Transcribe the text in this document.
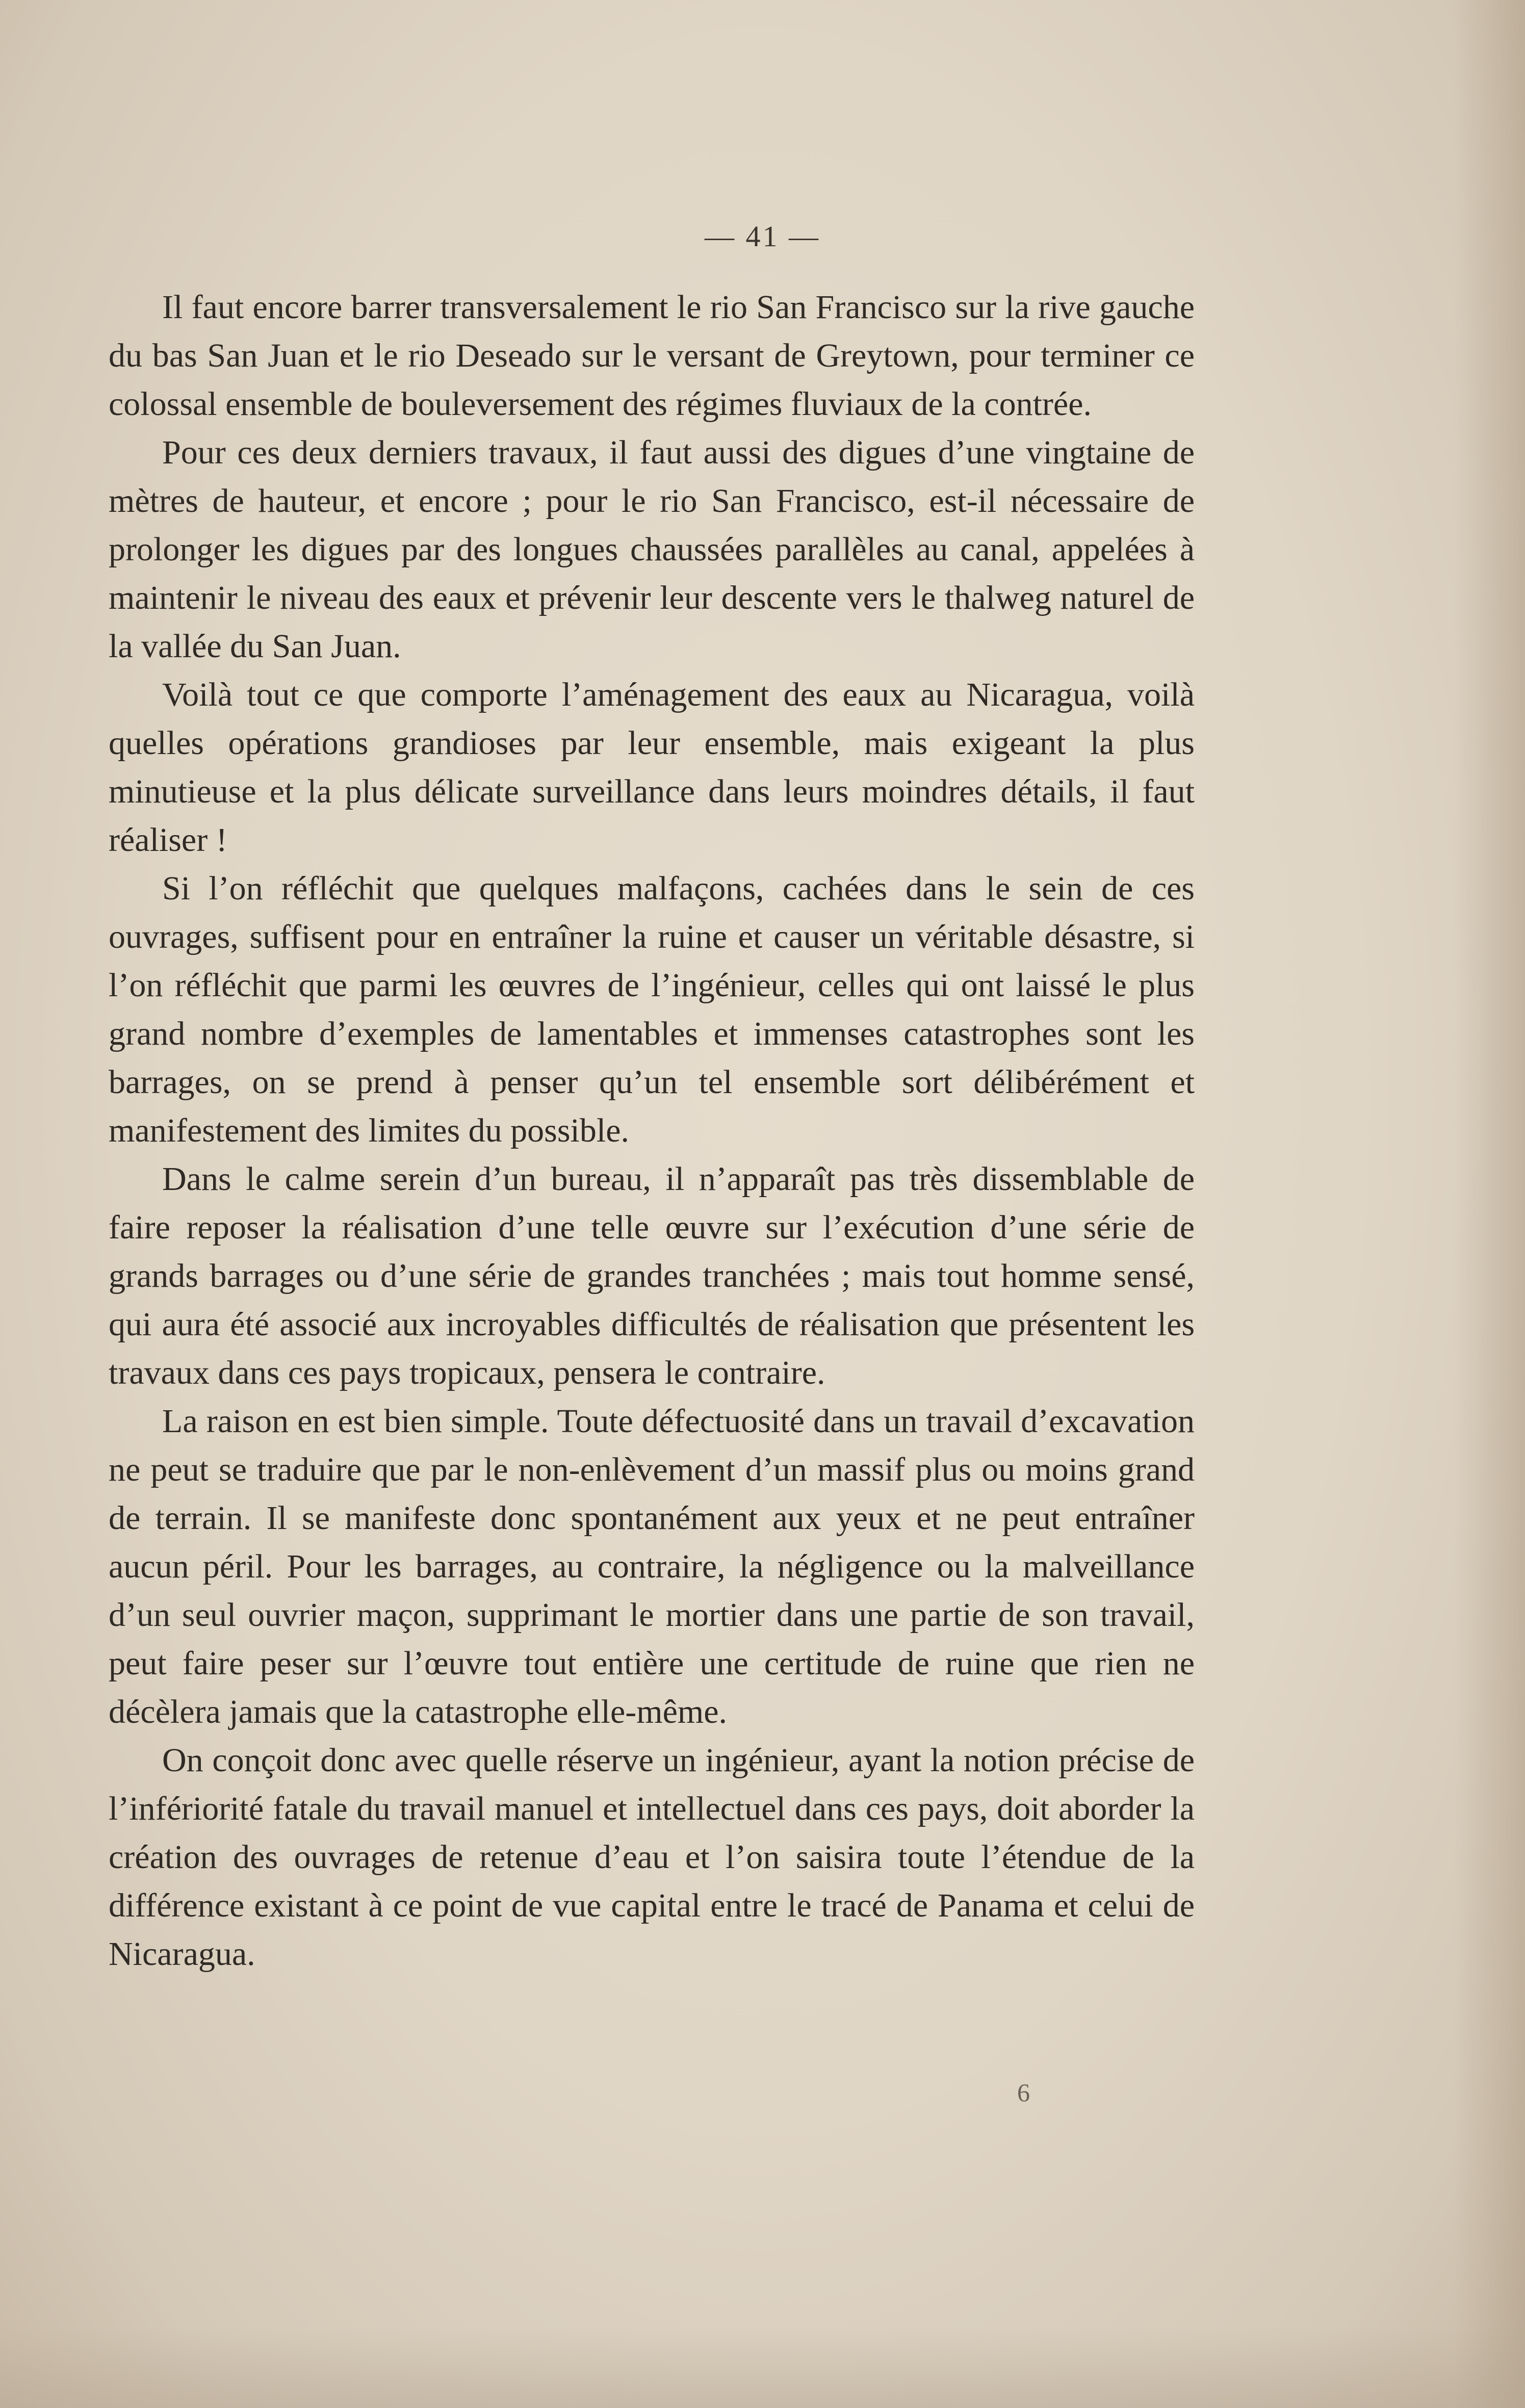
— 41 —

Il faut encore barrer transversalement le rio San Francisco sur la rive gauche du bas San Juan et le rio Deseado sur le versant de Greytown, pour terminer ce colossal ensemble de bouleversement des régimes fluviaux de la contrée.

Pour ces deux derniers travaux, il faut aussi des digues d’une vingtaine de mètres de hauteur, et encore ; pour le rio San Francisco, est-il nécessaire de prolonger les digues par des longues chaussées parallèles au canal, appelées à maintenir le niveau des eaux et prévenir leur descente vers le thalweg naturel de la vallée du San Juan.

Voilà tout ce que comporte l’aménagement des eaux au Nicaragua, voilà quelles opérations grandioses par leur ensemble, mais exigeant la plus minutieuse et la plus délicate surveillance dans leurs moindres détails, il faut réaliser !

Si l’on réfléchit que quelques malfaçons, cachées dans le sein de ces ouvrages, suffisent pour en entraîner la ruine et causer un véritable désastre, si l’on réfléchit que parmi les œuvres de l’ingénieur, celles qui ont laissé le plus grand nombre d’exemples de lamentables et immenses catastrophes sont les barrages, on se prend à penser qu’un tel ensemble sort délibérément et manifestement des limites du possible.

Dans le calme serein d’un bureau, il n’apparaît pas très dissemblable de faire reposer la réalisation d’une telle œuvre sur l’exécution d’une série de grands barrages ou d’une série de grandes tranchées ; mais tout homme sensé, qui aura été associé aux incroyables difficultés de réalisation que présentent les travaux dans ces pays tropicaux, pensera le contraire.

La raison en est bien simple. Toute défectuosité dans un travail d’excavation ne peut se traduire que par le non-enlèvement d’un massif plus ou moins grand de terrain. Il se manifeste donc spontanément aux yeux et ne peut entraîner aucun péril. Pour les barrages, au contraire, la négligence ou la malveillance d’un seul ouvrier maçon, supprimant le mortier dans une partie de son travail, peut faire peser sur l’œuvre tout entière une certitude de ruine que rien ne décèlera jamais que la catastrophe elle-même.

On conçoit donc avec quelle réserve un ingénieur, ayant la notion précise de l’infériorité fatale du travail manuel et intellectuel dans ces pays, doit aborder la création des ouvrages de retenue d’eau et l’on saisira toute l’étendue de la différence existant à ce point de vue capital entre le tracé de Panama et celui de Nicaragua.

6
